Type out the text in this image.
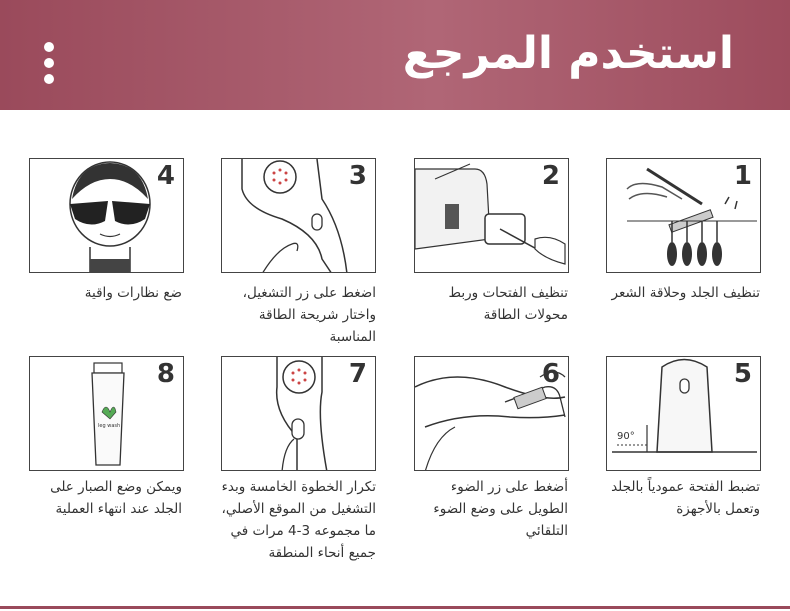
استخدم المرجع
1
تنظيف الجلد وحلاقة الشعر
2
تنظيف الفتحات وربط محولات الطاقة
3
اضغط على زر التشغيل، واختار شريحة الطاقة المناسبة
4
ضع نظارات واقية
90°
5
تضبط الفتحة عمودياً بالجلد وتعمل بالأجهزة
6
أضغط على زر الضوء الطويل على وضع الضوء التلقائي
7
تكرار الخطوة الخامسة وبدء التشغيل من الموقع الأصلي، ما مجموعه 3-4 مرات في جميع أنحاء المنطقة
leg wash
8
ويمكن وضع الصبار على الجلد عند انتهاء العملية
